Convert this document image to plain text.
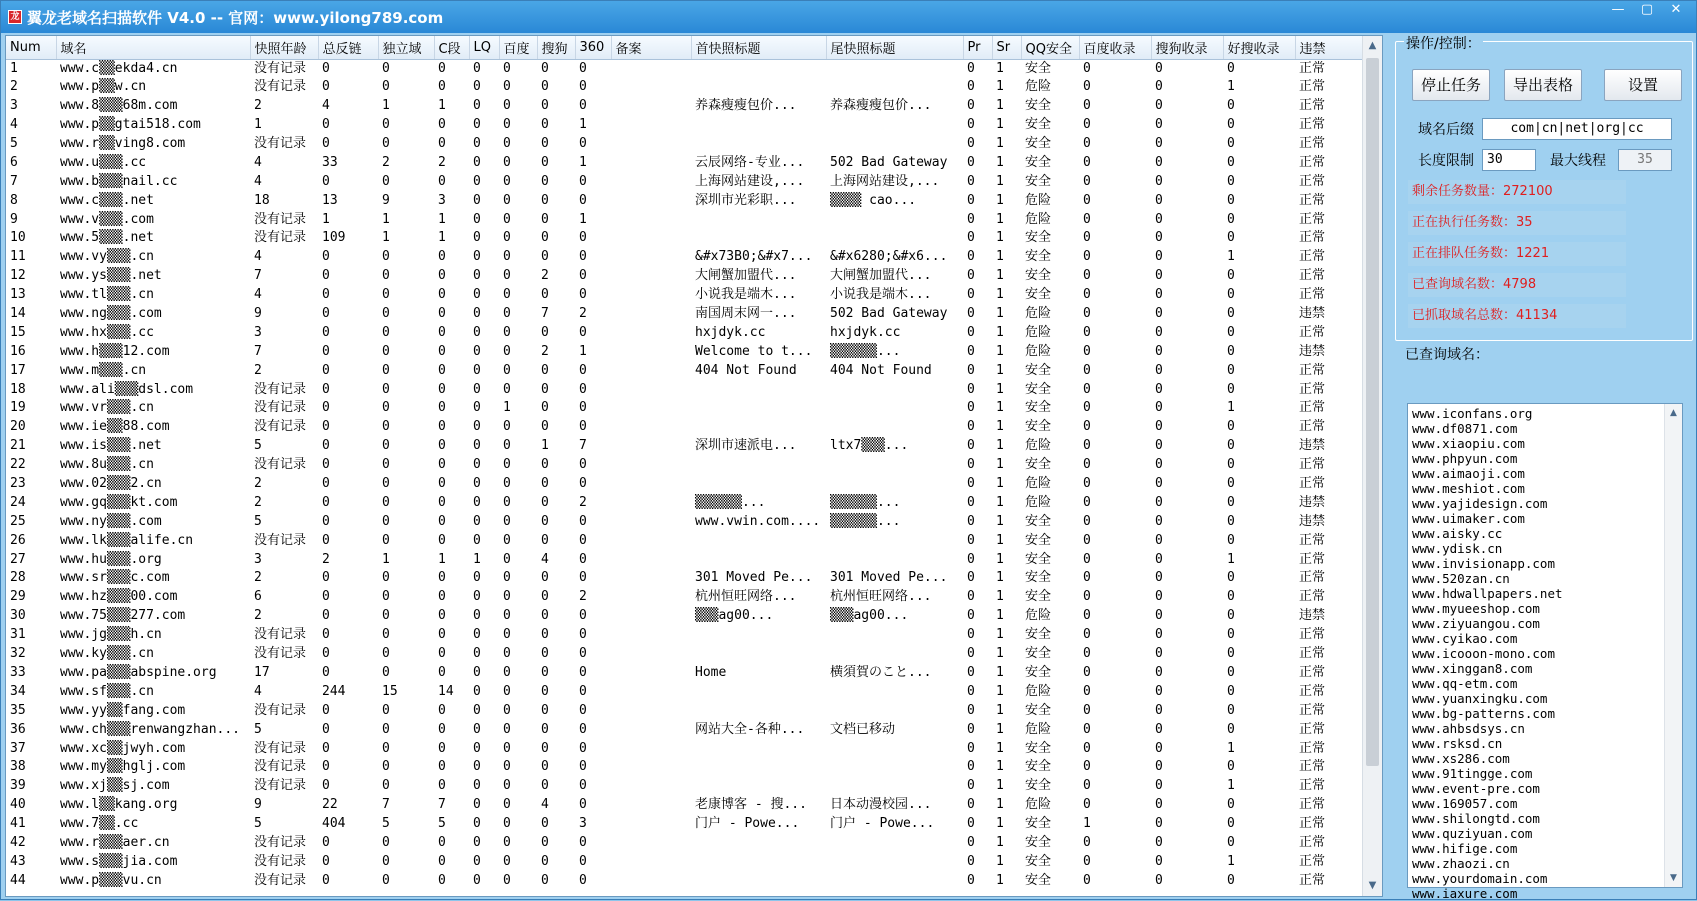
龙 翼龙老域名扫描软件 V4.0 -- 官网：www.yilong789.com	—	▢	✕
Num	域名	快照年龄	总反链	独立域	C段	LQ	百度	搜狗	360	备案	首快照标题	尾快照标题	Pr	Sr	QQ安全	百度收录	搜狗收录	好搜收录	违禁
1	www.c▒▒ekda4.cn	没有记录	0	0	0	0	0	0	0				0	1	安全	0	0	0	正常
2	www.p▒▒w.cn	没有记录	0	0	0	0	0	0	0				0	1	危险	0	0	1	正常
3	www.8▒▒▒68m.com	2	4	1	1	0	0	0	0		养森瘦瘦包价...	养森瘦瘦包价...	0	1	安全	0	0	0	正常
4	www.p▒▒gtai518.com	1	0	0	0	0	0	0	1				0	1	安全	0	0	0	正常
5	www.r▒▒ving8.com	没有记录	0	0	0	0	0	0	0				0	1	安全	0	0	0	正常
6	www.u▒▒▒.cc	4	33	2	2	0	0	0	1		云辰网络-专业...	502 Bad Gateway	0	1	安全	0	0	0	正常
7	www.b▒▒▒nail.cc	4	0	0	0	0	0	0	0		上海网站建设,...	上海网站建设,...	0	1	安全	0	0	0	正常
8	www.c▒▒▒.net	18	13	9	3	0	0	0	0		深圳市光彩职...	▒▒▒▒ cao...	0	1	危险	0	0	0	正常
9	www.v▒▒▒.com	没有记录	1	1	1	0	0	0	1				0	1	危险	0	0	0	正常
10	www.5▒▒▒.net	没有记录	109	1	1	0	0	0	0				0	1	安全	0	0	0	正常
11	www.vy▒▒▒.cn	4	0	0	0	0	0	0	0		&#x73B0;&#x7...	&#x6280;&#x6...	0	1	安全	0	0	1	正常
12	www.ys▒▒▒.net	7	0	0	0	0	0	2	0		大闸蟹加盟代...	大闸蟹加盟代...	0	1	安全	0	0	0	正常
13	www.tl▒▒▒.cn	4	0	0	0	0	0	0	0		小说我是端木...	小说我是端木...	0	1	安全	0	0	0	正常
14	www.ng▒▒▒.com	9	0	0	0	0	0	7	2		南国周末网一...	502 Bad Gateway	0	1	危险	0	0	0	违禁
15	www.hx▒▒▒.cc	3	0	0	0	0	0	0	0		hxjdyk.cc	hxjdyk.cc	0	1	危险	0	0	0	正常
16	www.h▒▒▒12.com	7	0	0	0	0	0	2	1		Welcome to t...	▒▒▒▒▒▒...	0	1	危险	0	0	0	违禁
17	www.m▒▒▒.cn	2	0	0	0	0	0	0	0		404 Not Found	404 Not Found	0	1	安全	0	0	0	正常
18	www.ali▒▒▒dsl.com	没有记录	0	0	0	0	0	0	0				0	1	安全	0	0	0	正常
19	www.vr▒▒▒.cn	没有记录	0	0	0	0	1	0	0				0	1	安全	0	0	1	正常
20	www.ie▒▒88.com	没有记录	0	0	0	0	0	0	0				0	1	安全	0	0	0	正常
21	www.is▒▒▒.net	5	0	0	0	0	0	1	7		深圳市速派电...	ltx7▒▒▒...	0	1	危险	0	0	0	违禁
22	www.8u▒▒▒.cn	没有记录	0	0	0	0	0	0	0				0	1	安全	0	0	0	正常
23	www.02▒▒▒2.cn	2	0	0	0	0	0	0	0				0	1	危险	0	0	0	正常
24	www.gq▒▒▒kt.com	2	0	0	0	0	0	0	2		▒▒▒▒▒▒...	▒▒▒▒▒▒...	0	1	危险	0	0	0	违禁
25	www.ny▒▒▒.com	5	0	0	0	0	0	0	0		www.vwin.com....	▒▒▒▒▒▒...	0	1	安全	0	0	0	违禁
26	www.lk▒▒▒alife.cn	没有记录	0	0	0	0	0	0	0				0	1	安全	0	0	0	正常
27	www.hu▒▒▒.org	3	2	1	1	1	0	4	0				0	1	安全	0	0	1	正常
28	www.sr▒▒▒c.com	2	0	0	0	0	0	0	0		301 Moved Pe...	301 Moved Pe...	0	1	安全	0	0	0	正常
29	www.hz▒▒▒00.com	6	0	0	0	0	0	0	2		杭州恒旺网络...	杭州恒旺网络...	0	1	安全	0	0	0	正常
30	www.75▒▒▒277.com	2	0	0	0	0	0	0	0		▒▒▒ag00...	▒▒▒ag00...	0	1	危险	0	0	0	违禁
31	www.jg▒▒▒h.cn	没有记录	0	0	0	0	0	0	0				0	1	安全	0	0	0	正常
32	www.ky▒▒▒.cn	没有记录	0	0	0	0	0	0	0				0	1	安全	0	0	0	正常
33	www.pa▒▒▒abspine.org	17	0	0	0	0	0	0	0		Home	横須賀のこと...	0	1	安全	0	0	0	正常
34	www.sf▒▒▒.cn	4	244	15	14	0	0	0	0				0	1	危险	0	0	0	正常
35	www.yy▒▒fang.com	没有记录	0	0	0	0	0	0	0				0	1	安全	0	0	0	正常
36	www.ch▒▒▒renwangzhan...	5	0	0	0	0	0	0	0		网站大全-各种...	文档已移动	0	1	危险	0	0	0	正常
37	www.xc▒▒jwyh.com	没有记录	0	0	0	0	0	0	0				0	1	安全	0	0	1	正常
38	www.my▒▒hglj.com	没有记录	0	0	0	0	0	0	0				0	1	安全	0	0	0	正常
39	www.xj▒▒sj.com	没有记录	0	0	0	0	0	0	0				0	1	安全	0	0	1	正常
40	www.l▒▒kang.org	9	22	7	7	0	0	4	0		老康博客 - 搜...	日本动漫校园...	0	1	危险	0	0	0	正常
41	www.7▒▒.cc	5	404	5	5	0	0	0	3		门户 - Powe...	门户 - Powe...	0	1	安全	1	0	0	正常
42	www.r▒▒▒aer.cn	没有记录	0	0	0	0	0	0	0				0	1	安全	0	0	0	正常
43	www.s▒▒▒jia.com	没有记录	0	0	0	0	0	0	0				0	1	安全	0	0	1	正常
44	www.p▒▒▒vu.cn	没有记录	0	0	0	0	0	0	0				0	1	安全	0	0	0	正常
▲
▼
操作/控制：
停止任务	导出表格	设置
域名后缀	com|cn|net|org|cc
长度限制	30	最大线程	35
剩余任务数量：272100
正在执行任务数：35
正在排队任务数：1221
已查询域名数：4798
已抓取域名总数：41134
已查询域名：
www.iconfans.org
www.df0871.com
www.xiaopiu.com
www.phpyun.com
www.aimaoji.com
www.meshiot.com
www.yajidesign.com
www.uimaker.com
www.aisky.cc
www.ydisk.cn
www.invisionapp.com
www.520zan.cn
www.hdwallpapers.net
www.myueeshop.com
www.ziyuangou.com
www.cyikao.com
www.icooon-mono.com
www.xinggan8.com
www.qq-etm.com
www.yuanxingku.com
www.bg-patterns.com
www.ahbsdsys.cn
www.rsksd.cn
www.xs286.com
www.91tingge.com
www.event-pre.com
www.169057.com
www.shilongtd.com
www.quziyuan.com
www.hifige.com
www.zhaozi.cn
www.yourdomain.com
www.iaxure.com
▲
▼
